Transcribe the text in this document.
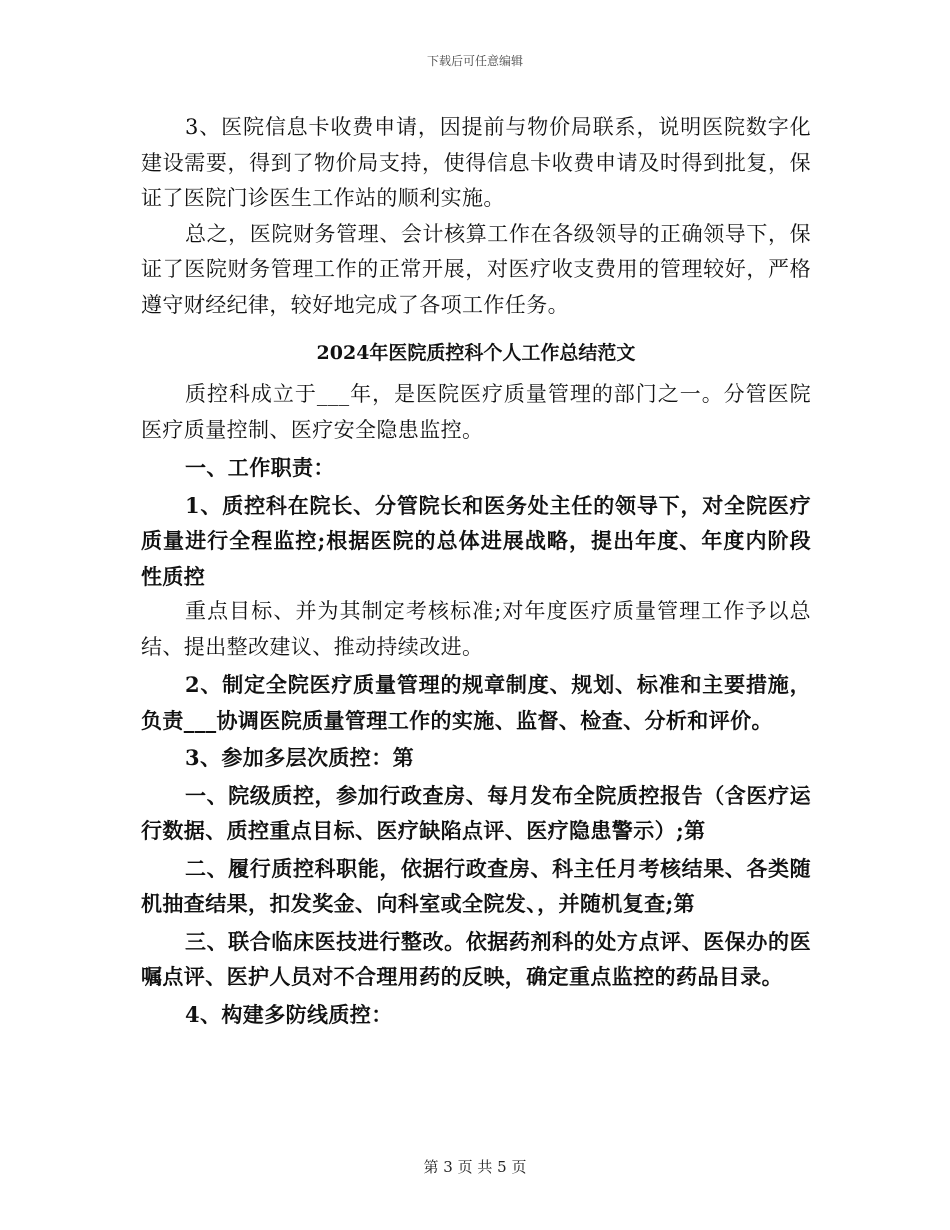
下载后可任意编辑

3、医院信息卡收费申请，因提前与物价局联系，说明医院数字化建设需要，得到了物价局支持，使得信息卡收费申请及时得到批复，保证了医院门诊医生工作站的顺利实施。

总之，医院财务管理、会计核算工作在各级领导的正确领导下，保证了医院财务管理工作的正常开展，对医疗收支费用的管理较好，严格遵守财经纪律，较好地完成了各项工作任务。

2024年医院质控科个人工作总结范文

质控科成立于___年，是医院医疗质量管理的部门之一。分管医院医疗质量控制、医疗安全隐患监控。

一、工作职责：

1、质控科在院长、分管院长和医务处主任的领导下，对全院医疗质量进行全程监控;根据医院的总体进展战略，提出年度、年度内阶段性质控

重点目标、并为其制定考核标准;对年度医疗质量管理工作予以总结、提出整改建议、推动持续改进。

2、制定全院医疗质量管理的规章制度、规划、标准和主要措施，负责___协调医院质量管理工作的实施、监督、检查、分析和评价。

3、参加多层次质控：第

一、院级质控，参加行政查房、每月发布全院质控报告（含医疗运行数据、质控重点目标、医疗缺陷点评、医疗隐患警示）;第

二、履行质控科职能，依据行政查房、科主任月考核结果、各类随机抽查结果，扣发奖金、向科室或全院发、，并随机复查;第

三、联合临床医技进行整改。依据药剂科的处方点评、医保办的医嘱点评、医护人员对不合理用药的反映，确定重点监控的药品目录。

4、构建多防线质控：

第 3 页 共 5 页
